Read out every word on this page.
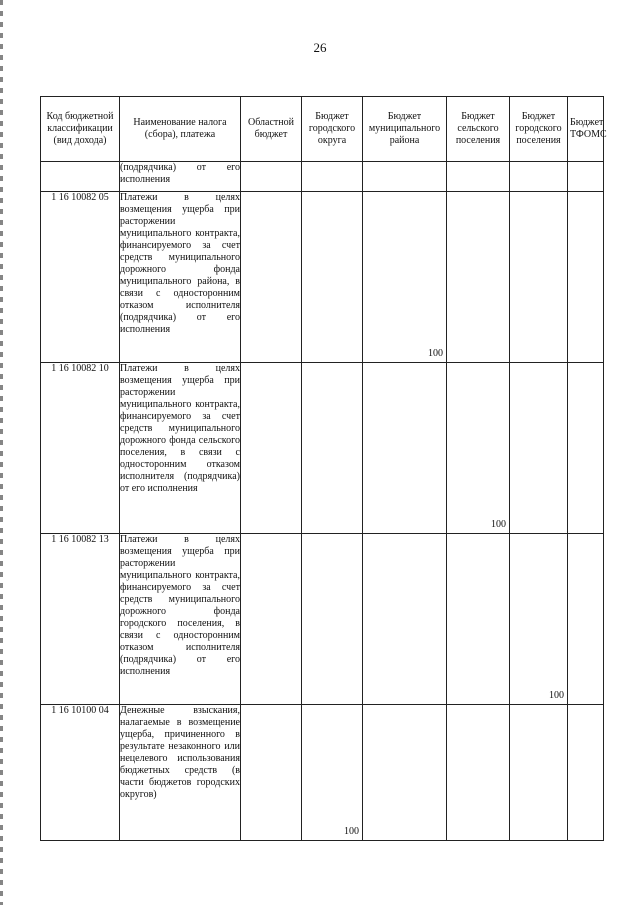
26
Код бюджетной классификации (вид дохода)	Наименование налога (сбора), платежа	Областной бюджет	Бюджет городского округа	Бюджет муниципального района	Бюджет сельского поселения	Бюджет городского поселения	Бюджет ТФОМС
	(подрядчика) от его исполнения	

1 16 10082 05	Платежи в целях возмещения ущерба при расторжении муниципального контракта, финансируемого за счет средств муниципального дорожного фонда муниципального района, в связи с односторонним отказом исполнителя (подрядчика) от его исполнения			100			

1 16 10082 10	Платежи в целях возмещения ущерба при расторжении муниципального контракта, финансируемого за счет средств муниципального дорожного фонда сельского поселения, в связи с односторонним отказом исполнителя (подрядчика) от его исполнения				100		

1 16 10082 13	Платежи в целях возмещения ущерба при расторжении муниципального контракта, финансируемого за счет средств муниципального дорожного фонда городского поселения, в связи с односторонним отказом исполнителя (подрядчика) от его исполнения					100	

1 16 10100 04	Денежные взыскания, налагаемые в возмещение ущерба, причиненного в результате незаконного или нецелевого использования бюджетных средств (в части бюджетов городских округов)		100				
